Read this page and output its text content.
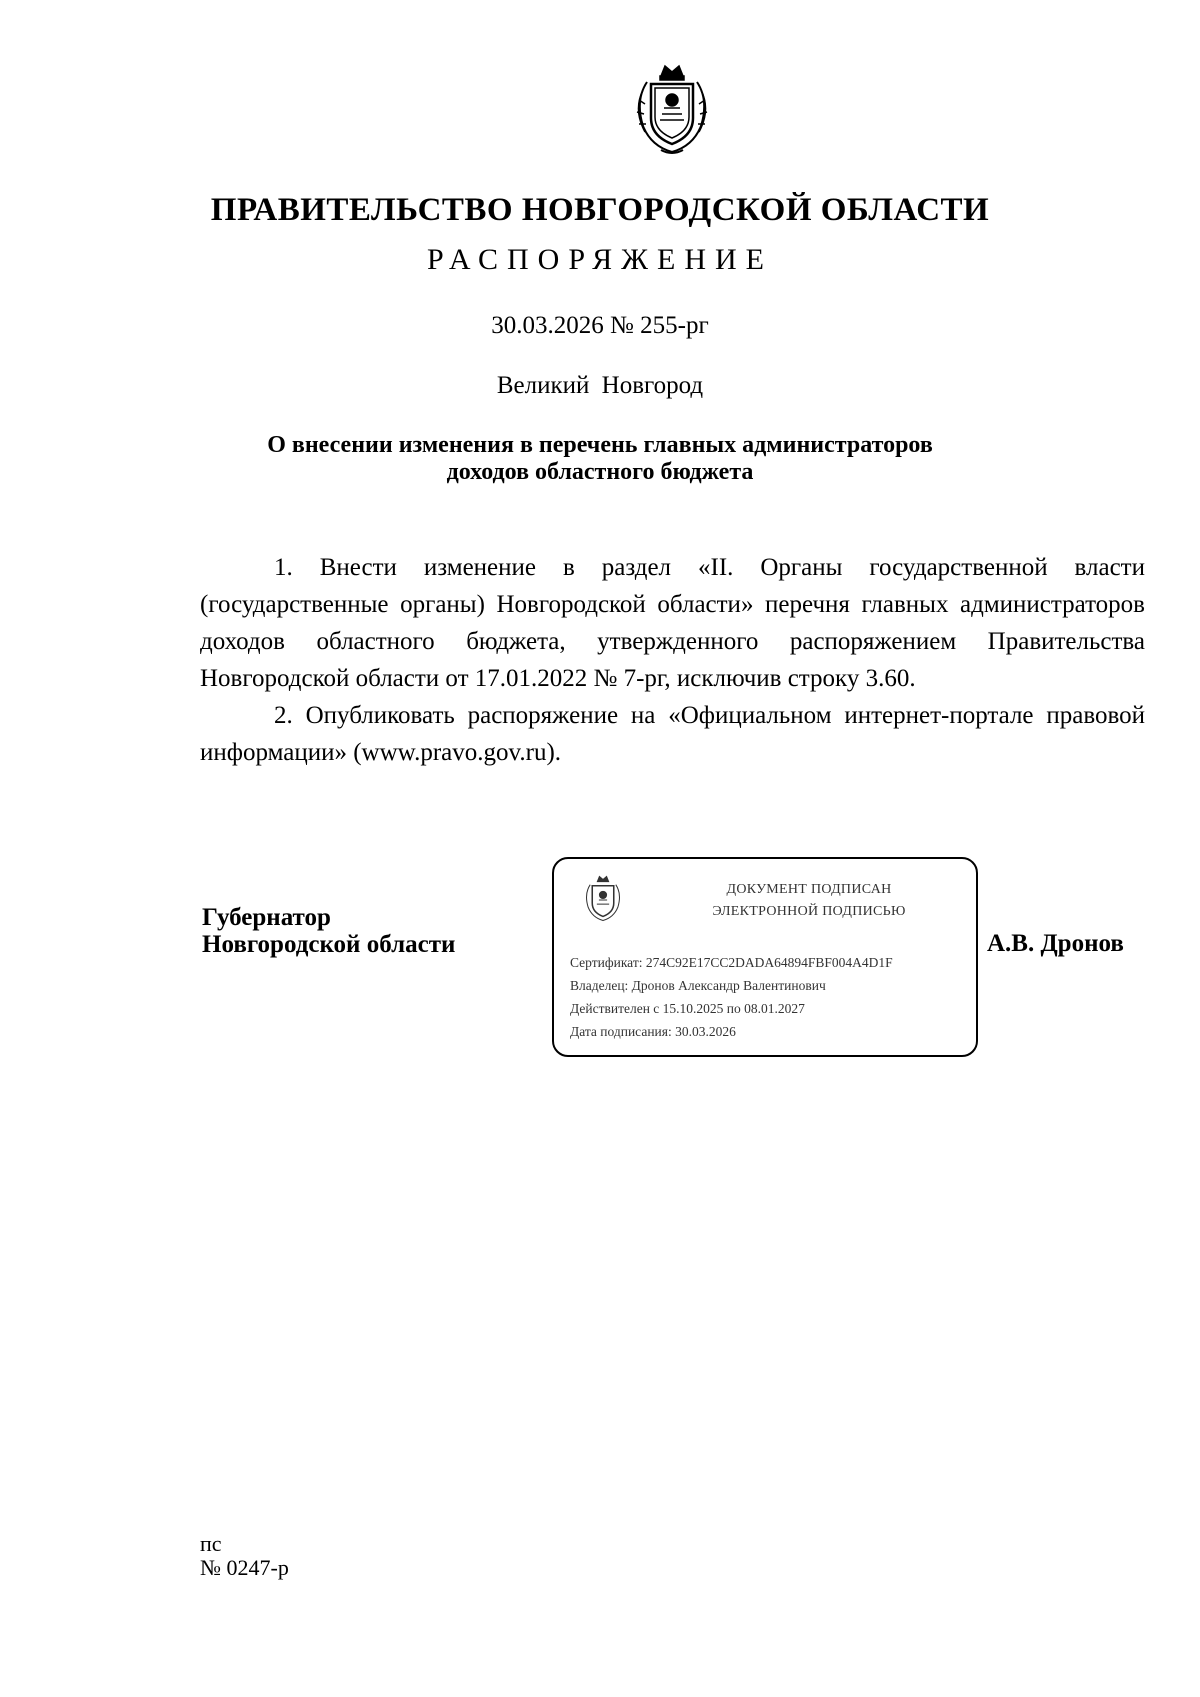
ПРАВИТЕЛЬСТВО НОВГОРОДСКОЙ ОБЛАСТИ
РАСПОРЯЖЕНИЕ
30.03.2026 № 255-рг
Великий Новгород
О внесении изменения в перечень главных администраторов
доходов областного бюджета

1. Внести изменение в раздел «II. Органы государственной власти (государственные органы) Новгородской области» перечня главных администраторов доходов областного бюджета, утвержденного распоряжением Правительства Новгородской области от 17.01.2022 № 7-рг, исключив строку 3.60.

2. Опубликовать распоряжение на «Официальном интернет-портале правовой информации» (www.pravo.gov.ru).

Губернатор
Новгородской области
ДОКУМЕНТ ПОДПИСАН
ЭЛЕКТРОННОЙ ПОДПИСЬЮ
Сертификат: 274C92E17CC2DADA64894FBF004A4D1F
Владелец: Дронов Александр Валентинович
Действителен с 15.10.2025 по 08.01.2027
Дата подписания: 30.03.2026
А.В. Дронов
пс
№ 0247-р
